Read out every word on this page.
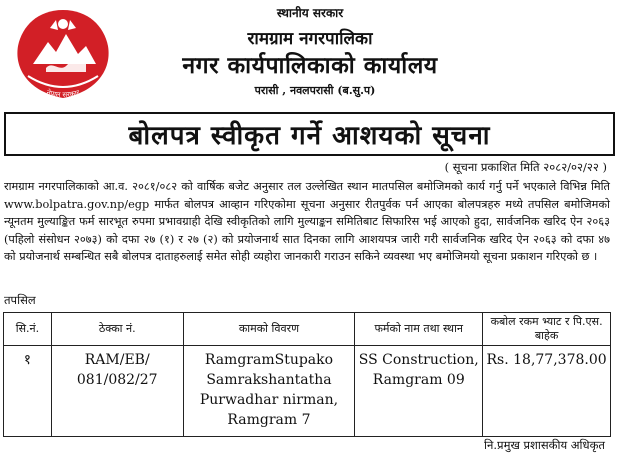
नेपाल सरकार
स्थानीय सरकार
रामग्राम नगरपालिका
नगर कार्यपालिकाको कार्यालय
परासी , नवलपरासी (ब.सु.प)
बोलपत्र स्वीकृत गर्ने आशयको सूचना
( सूचना प्रकाशित मिति २०८२/०२/२२ )
रामग्राम नगरपालिकाको आ.व. २०८१/०८२ को वार्षिक बजेट अनुसार तल उल्लेखित स्थान मातपसिल बमोजिमको कार्य गर्नु पर्ने भएकाले विभिन्न मिति www.bolpatra.gov.np/egp मार्फत बोलपत्र आव्हान गरिएकोमा सूचना अनुसार रीतपुर्वक पर्न आएका बोलपत्रहरु मध्ये तपसिल बमोजिमको न्यूनतम मुल्याङ्कित फर्म सारभूत रुपमा प्रभावग्राही देखि स्वीकृतिको लागि मुल्याङ्कन समितिबाट सिफारिस भई आएको हुदा, सार्वजनिक खरिद ऐन २०६३ (पहिलो संसोधन २०७३) को दफा २७ (१) र २७ (२) को प्रयोजनार्थ सात दिनका लागि आशयपत्र जारी गरी सार्वजनिक खरिद ऐन २०६३ को दफा ४७ को प्रयोजनार्थ सम्बन्धित सबै बोलपत्र दाताहरुलाई समेत सोही व्यहोरा जानकारी गराउन सकिने व्यवस्था भए बमोजिमयो सूचना प्रकाशन गरिएको छ ।
तपसिल
सि.नं.	ठेक्का नं.	कामको विवरण	फर्मको नाम तथा स्थान	कबोल रकम भ्याट र पि.एस. बाहेक
१	RAM/EB/ 081/082/27	RamgramStupako Samrakshantatha Purwadhar nirman, Ramgram 7	SS Construction, Ramgram 09	Rs. 18,77,378.00
नि.प्रमुख प्रशासकीय अधिकृत
